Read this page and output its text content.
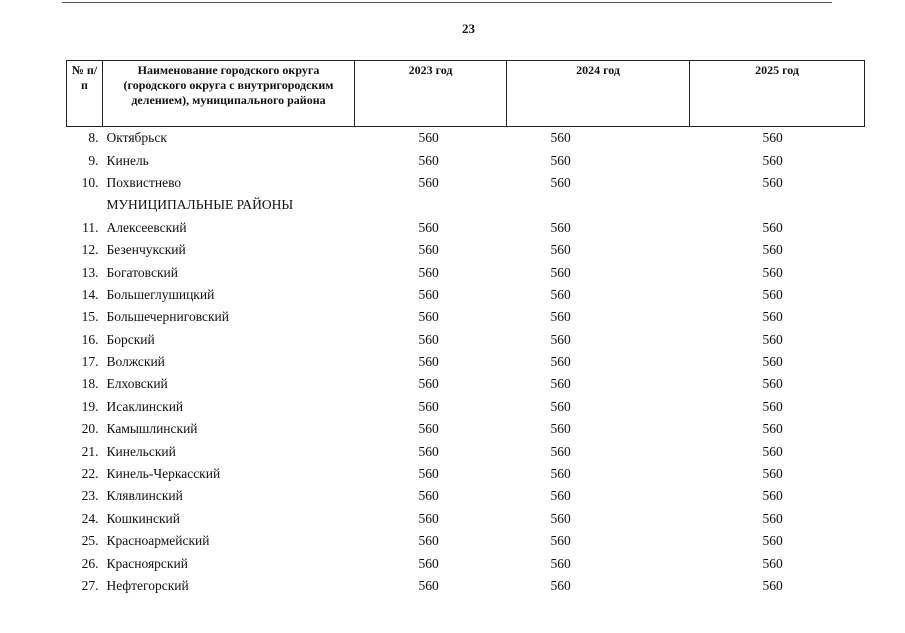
23
№ п/п	Наименование городского округа (городского округа с внутригородским делением), муниципального района	2023 год	2024 год	2025 год
8.	Октябрьск	560	560	560
9.	Кинель	560	560	560
10.	Похвистнево	560	560	560
	МУНИЦИПАЛЬНЫЕ РАЙОНЫ			
11.	Алексеевский	560	560	560
12.	Безенчукский	560	560	560
13.	Богатовский	560	560	560
14.	Большеглушицкий	560	560	560
15.	Большечерниговский	560	560	560
16.	Борский	560	560	560
17.	Волжский	560	560	560
18.	Елховский	560	560	560
19.	Исаклинский	560	560	560
20.	Камышлинский	560	560	560
21.	Кинельский	560	560	560
22.	Кинель-Черкасский	560	560	560
23.	Клявлинский	560	560	560
24.	Кошкинский	560	560	560
25.	Красноармейский	560	560	560
26.	Красноярский	560	560	560
27.	Нефтегорский	560	560	560
